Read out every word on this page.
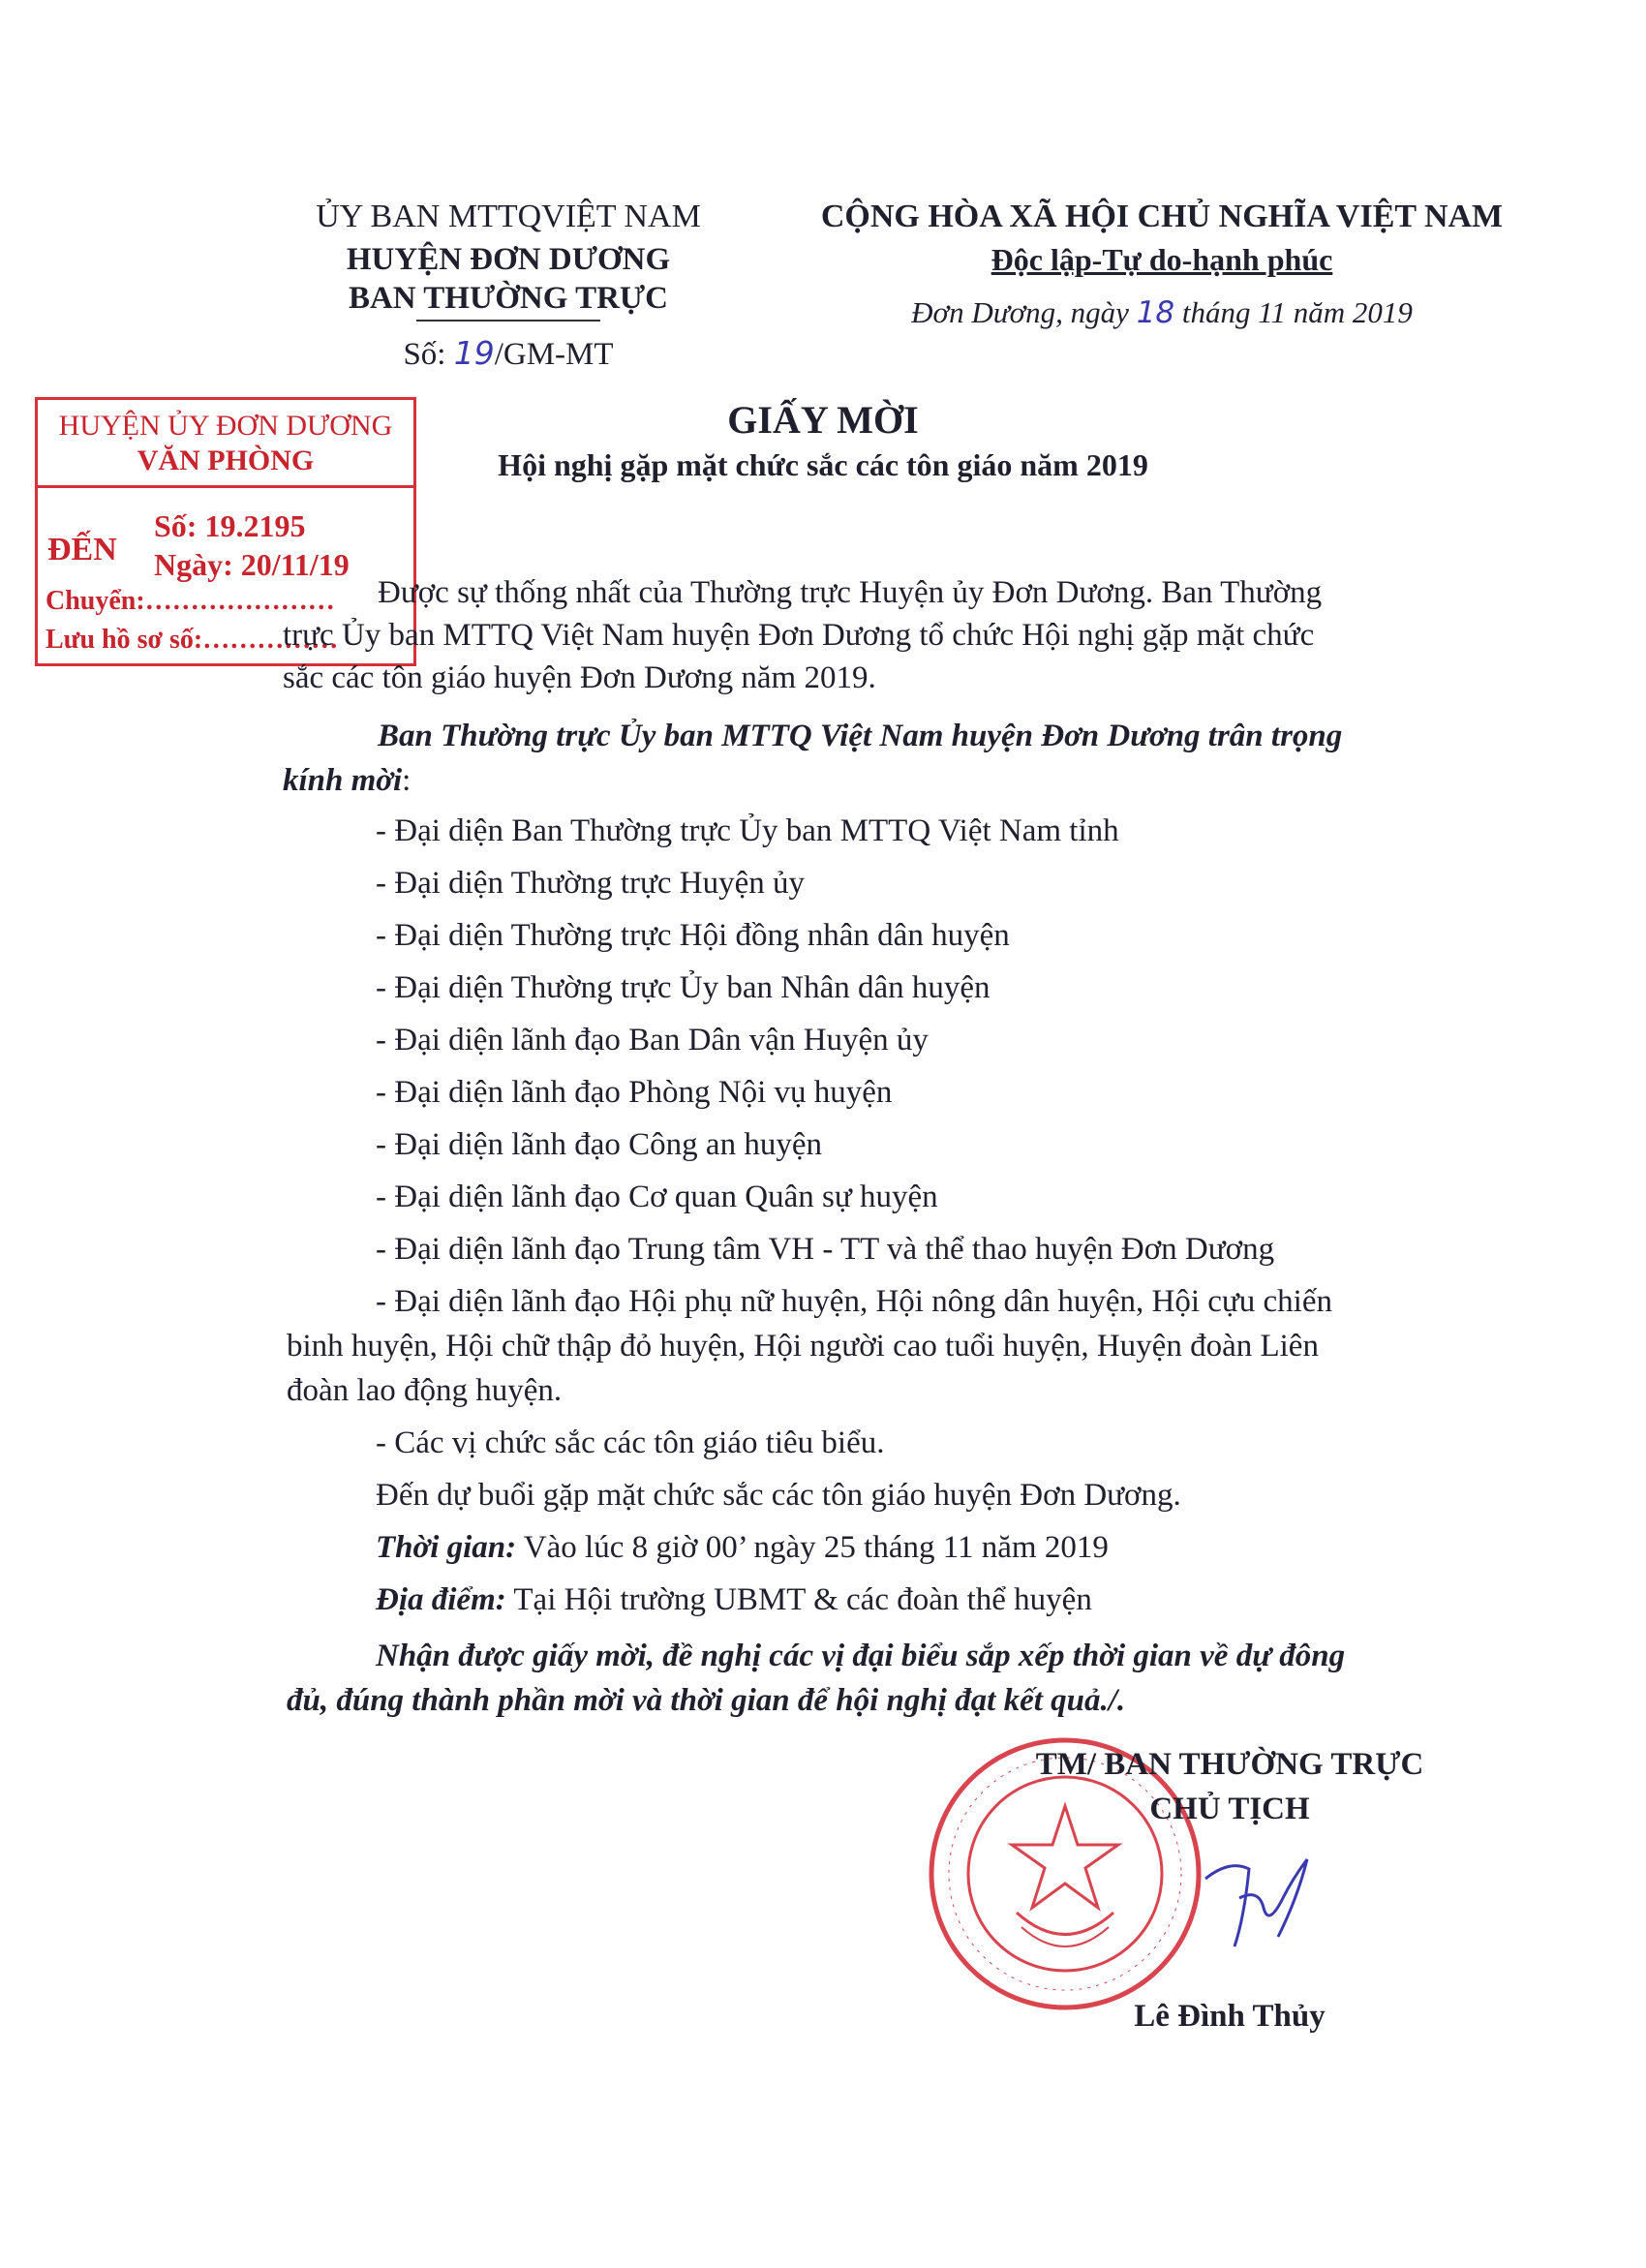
ỦY BAN MTTQVIỆT NAM
HUYỆN ĐƠN DƯƠNG
BAN THƯỜNG TRỰC
Số: 19/GM-MT
CỘNG HÒA XÃ HỘI CHỦ NGHĨA VIỆT NAM
Độc lập-Tự do-hạnh phúc
Đơn Dương, ngày 18 tháng 11 năm 2019
GIẤY MỜI
Hội nghị gặp mặt chức sắc các tôn giáo năm 2019
HUYỆN ỦY ĐƠN DƯƠNG
VĂN PHÒNG
ĐẾN
Số: 19.2195
Ngày: 20/11/19
Chuyển:…………………
Lưu hồ sơ số:……………
Được sự thống nhất của Thường trực Huyện ủy Đơn Dương. Ban Thường
trực Ủy ban MTTQ Việt Nam huyện Đơn Dương tổ chức Hội nghị gặp mặt chức
sắc các tôn giáo huyện Đơn Dương năm 2019.
Ban Thường trực Ủy ban MTTQ Việt Nam huyện Đơn Dương trân trọng
kính mời:
- Đại diện Ban Thường trực Ủy ban MTTQ Việt Nam tỉnh
- Đại diện Thường trực Huyện ủy
- Đại diện Thường trực Hội đồng nhân dân huyện
- Đại diện Thường trực Ủy ban Nhân dân huyện
- Đại diện lãnh đạo Ban Dân vận Huyện ủy
- Đại diện lãnh đạo Phòng Nội vụ huyện
- Đại diện lãnh đạo Công an huyện
- Đại diện lãnh đạo Cơ quan Quân sự huyện
- Đại diện lãnh đạo Trung tâm VH - TT và thể thao huyện Đơn Dương
- Đại diện lãnh đạo Hội phụ nữ huyện, Hội nông dân huyện, Hội cựu chiến
binh huyện, Hội chữ thập đỏ huyện, Hội người cao tuổi huyện, Huyện đoàn Liên
đoàn lao động huyện.
- Các vị chức sắc các tôn giáo tiêu biểu.
Đến dự buổi gặp mặt chức sắc các tôn giáo huyện Đơn Dương.
Thời gian: Vào lúc 8 giờ 00’ ngày 25 tháng 11 năm 2019
Địa điểm: Tại Hội trường UBMT & các đoàn thể huyện
Nhận được giấy mời, đề nghị các vị đại biểu sắp xếp thời gian về dự đông
đủ, đúng thành phần mời và thời gian để hội nghị đạt kết quả./.
TM/ BAN THƯỜNG TRỰC
CHỦ TỊCH
Lê Đình Thủy
